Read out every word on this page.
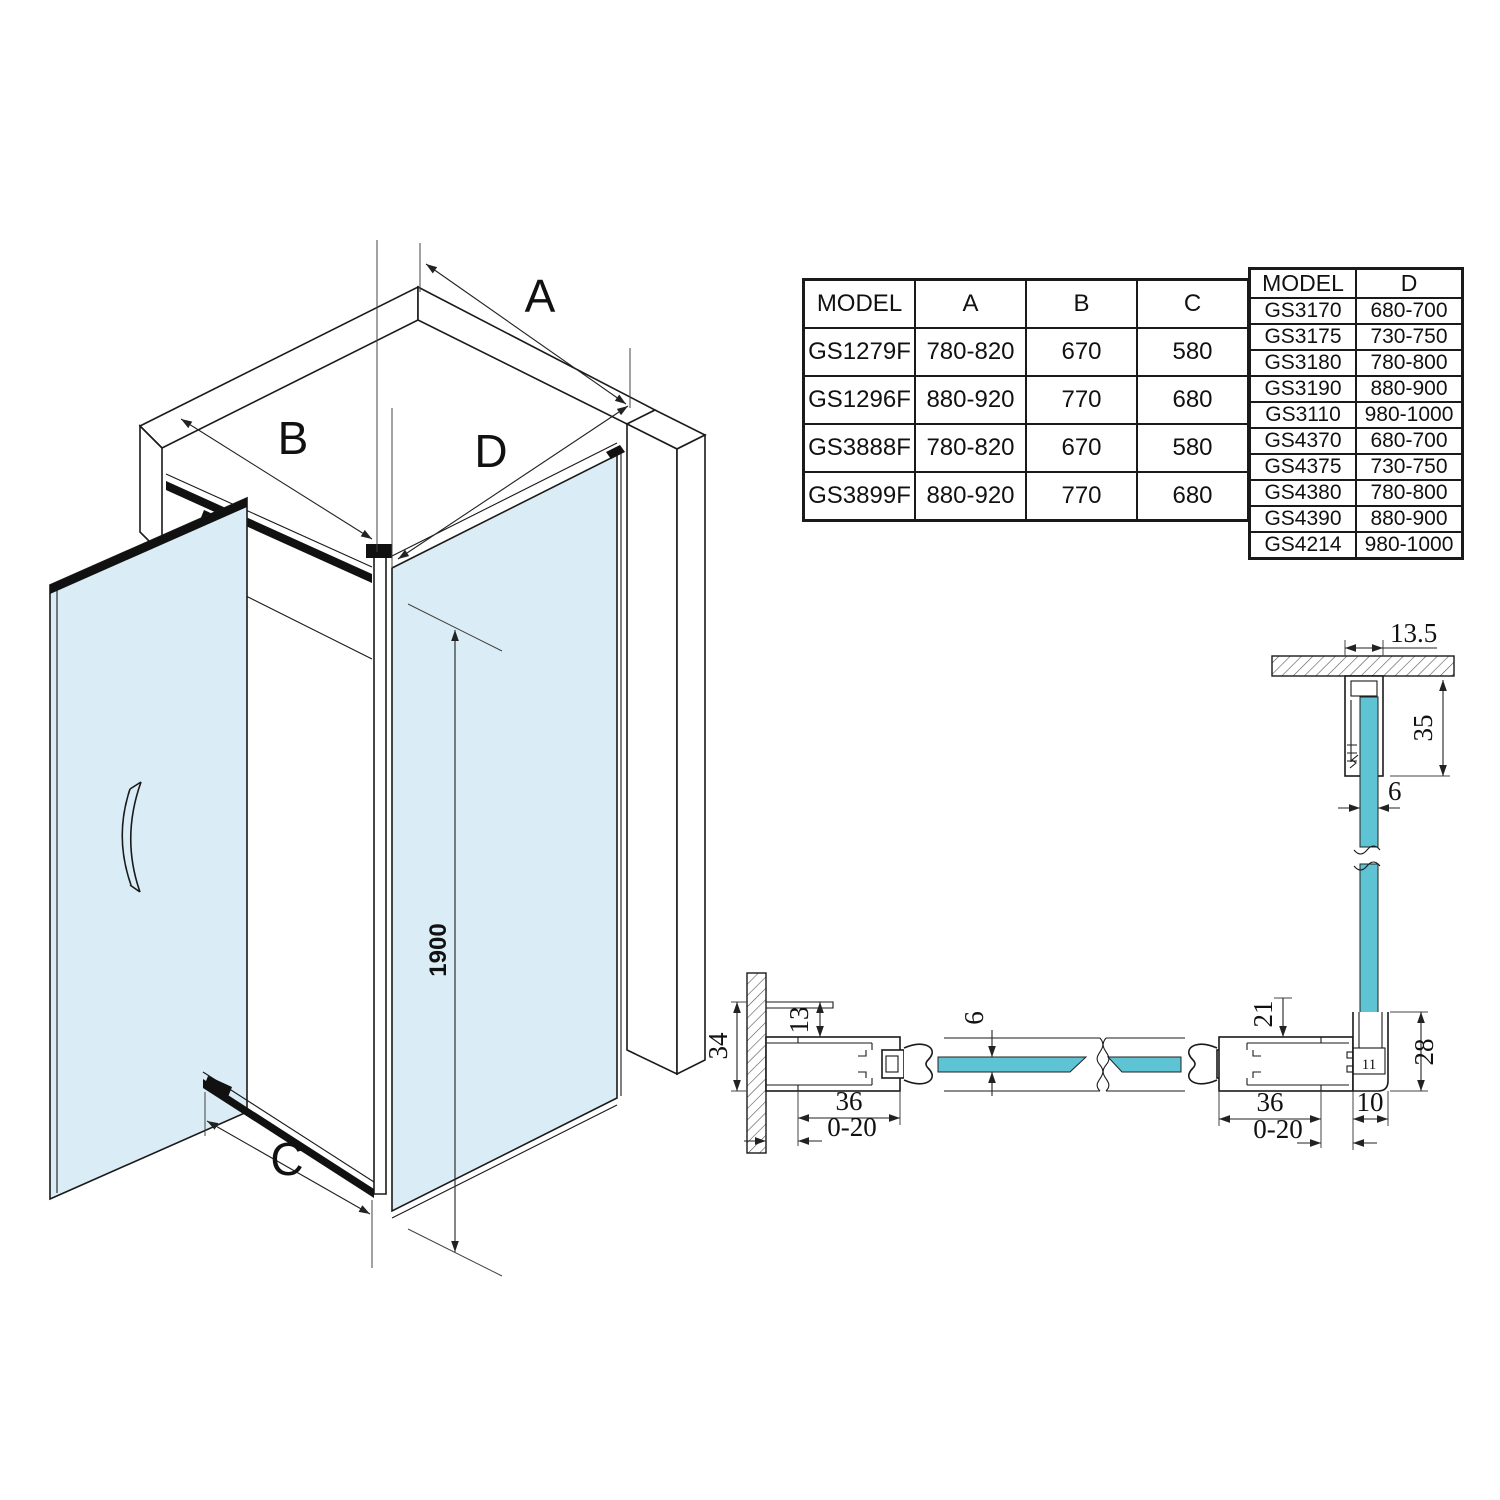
A
B	D
C
1900
13.5
35
6
34
13	6
36
0-20
11
21
36
0-20
10
28
MODEL	A	B	C
GS1279F	780-820	670	580
GS1296F	880-920	770	680
GS3888F	780-820	670	580
GS3899F	880-920	770	680
MODEL	D
GS3170	680-700
GS3175	730-750
GS3180	780-800
GS3190	880-900
GS3110	980-1000
GS4370	680-700
GS4375	730-750
GS4380	780-800
GS4390	880-900
GS4214	980-1000
